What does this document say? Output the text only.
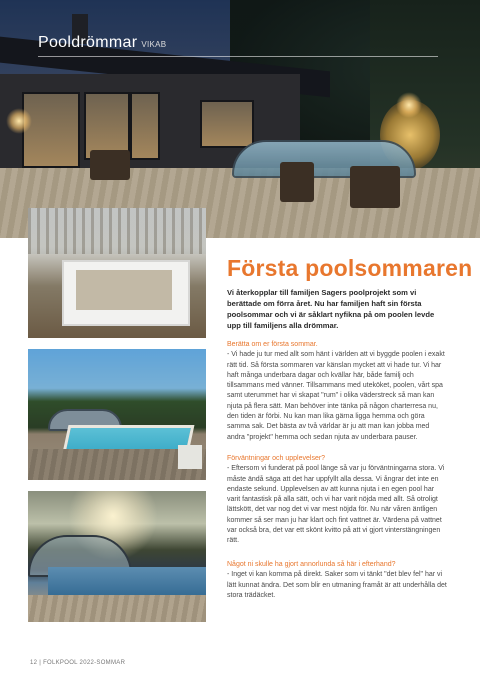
Pooldrömmar VIKAB
Första poolsommaren
Vi återkopplar till familjen Sagers poolprojekt som vi berättade om förra året. Nu har familjen haft sin första poolsommar och vi är såklart nyfikna på om poolen levde upp till familjens alla drömmar.
Berätta om er första sommar.
- Vi hade ju tur med allt som hänt i världen att vi byggde poolen i exakt rätt tid. Så första sommaren var känslan mycket att vi hade tur. Vi har haft många underbara dagar och kvällar här, både familj och tillsammans med vänner. Tillsammans med uteköket, poolen, vårt spa samt uterummet har vi skapat "rum" i olika väderstreck så man kan njuta på flera sätt. Man behöver inte tänka på någon charterresa nu, den tiden är förbi. Nu kan man lika gärna ligga hemma och göra samma sak. Det bästa av två världar är ju att man kan jobba med andra "projekt" hemma och sedan njuta av underbara pauser.
Förväntningar och upplevelser?
- Eftersom vi funderat på pool länge så var ju förväntningarna stora. Vi måste ändå säga att det har uppfyllt alla dessa. Vi ångrar det inte en endaste sekund. Upplevelsen av att kunna njuta i en egen pool har varit fantastisk på alla sätt, och vi har varit nöjda med allt. Så otroligt lättskött, det var nog det vi var mest nöjda för. Nu när våren äntligen kommer så ser man ju har klart och fint vattnet är. Värdena på vattnet var också bra, det var ett skönt kvitto på att vi gjort vinterstängningen rätt.
Något ni skulle ha gjort annorlunda så här i efterhand?
- Inget vi kan komma på direkt. Saker som vi tänkt "det blev fel" har vi lätt kunnat ändra. Det som blir en utmaning framåt är att underhålla det stora trädäcket.
12 | FOLKPOOL 2022-SOMMAR
